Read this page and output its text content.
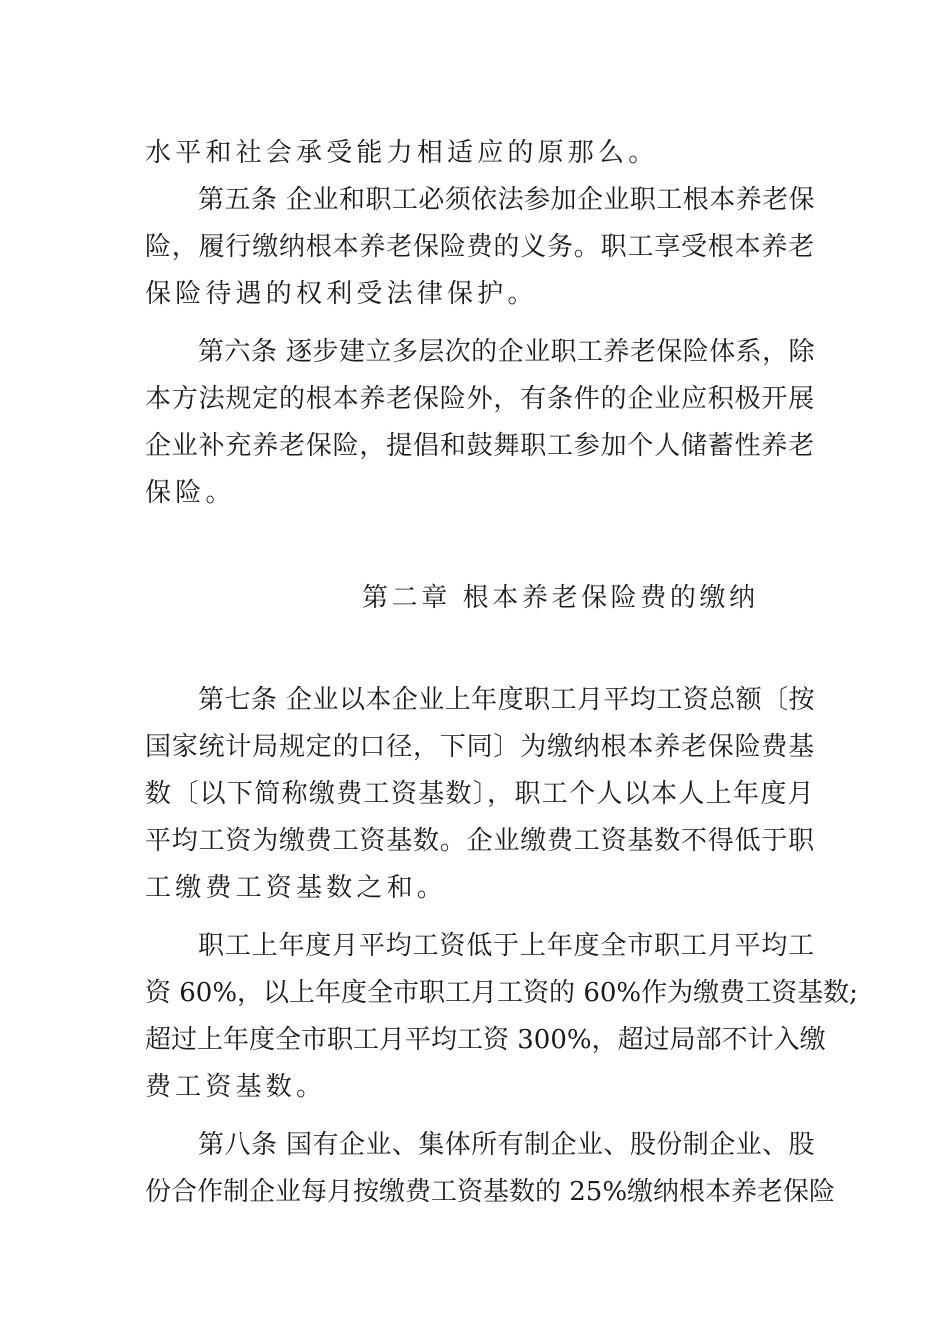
水平和社会承受能力相适应的原那么。
第五条 企业和职工必须依法参加企业职工根本养老保
险，履行缴纳根本养老保险费的义务。职工享受根本养老
保险待遇的权利受法律保护。
第六条 逐步建立多层次的企业职工养老保险体系，除
本方法规定的根本养老保险外，有条件的企业应积极开展
企业补充养老保险，提倡和鼓舞职工参加个人储蓄性养老
保险。
第二章 根本养老保险费的缴纳
第七条 企业以本企业上年度职工月平均工资总额〔按
国家统计局规定的口径，下同〕为缴纳根本养老保险费基
数〔以下简称缴费工资基数〕，职工个人以本人上年度月
平均工资为缴费工资基数。企业缴费工资基数不得低于职
工缴费工资基数之和。
职工上年度月平均工资低于上年度全市职工月平均工
资 60%，以上年度全市职工月工资的 60%作为缴费工资基数;
超过上年度全市职工月平均工资 300%，超过局部不计入缴
费工资基数。
第八条 国有企业、集体所有制企业、股份制企业、股
份合作制企业每月按缴费工资基数的 25%缴纳根本养老保险
